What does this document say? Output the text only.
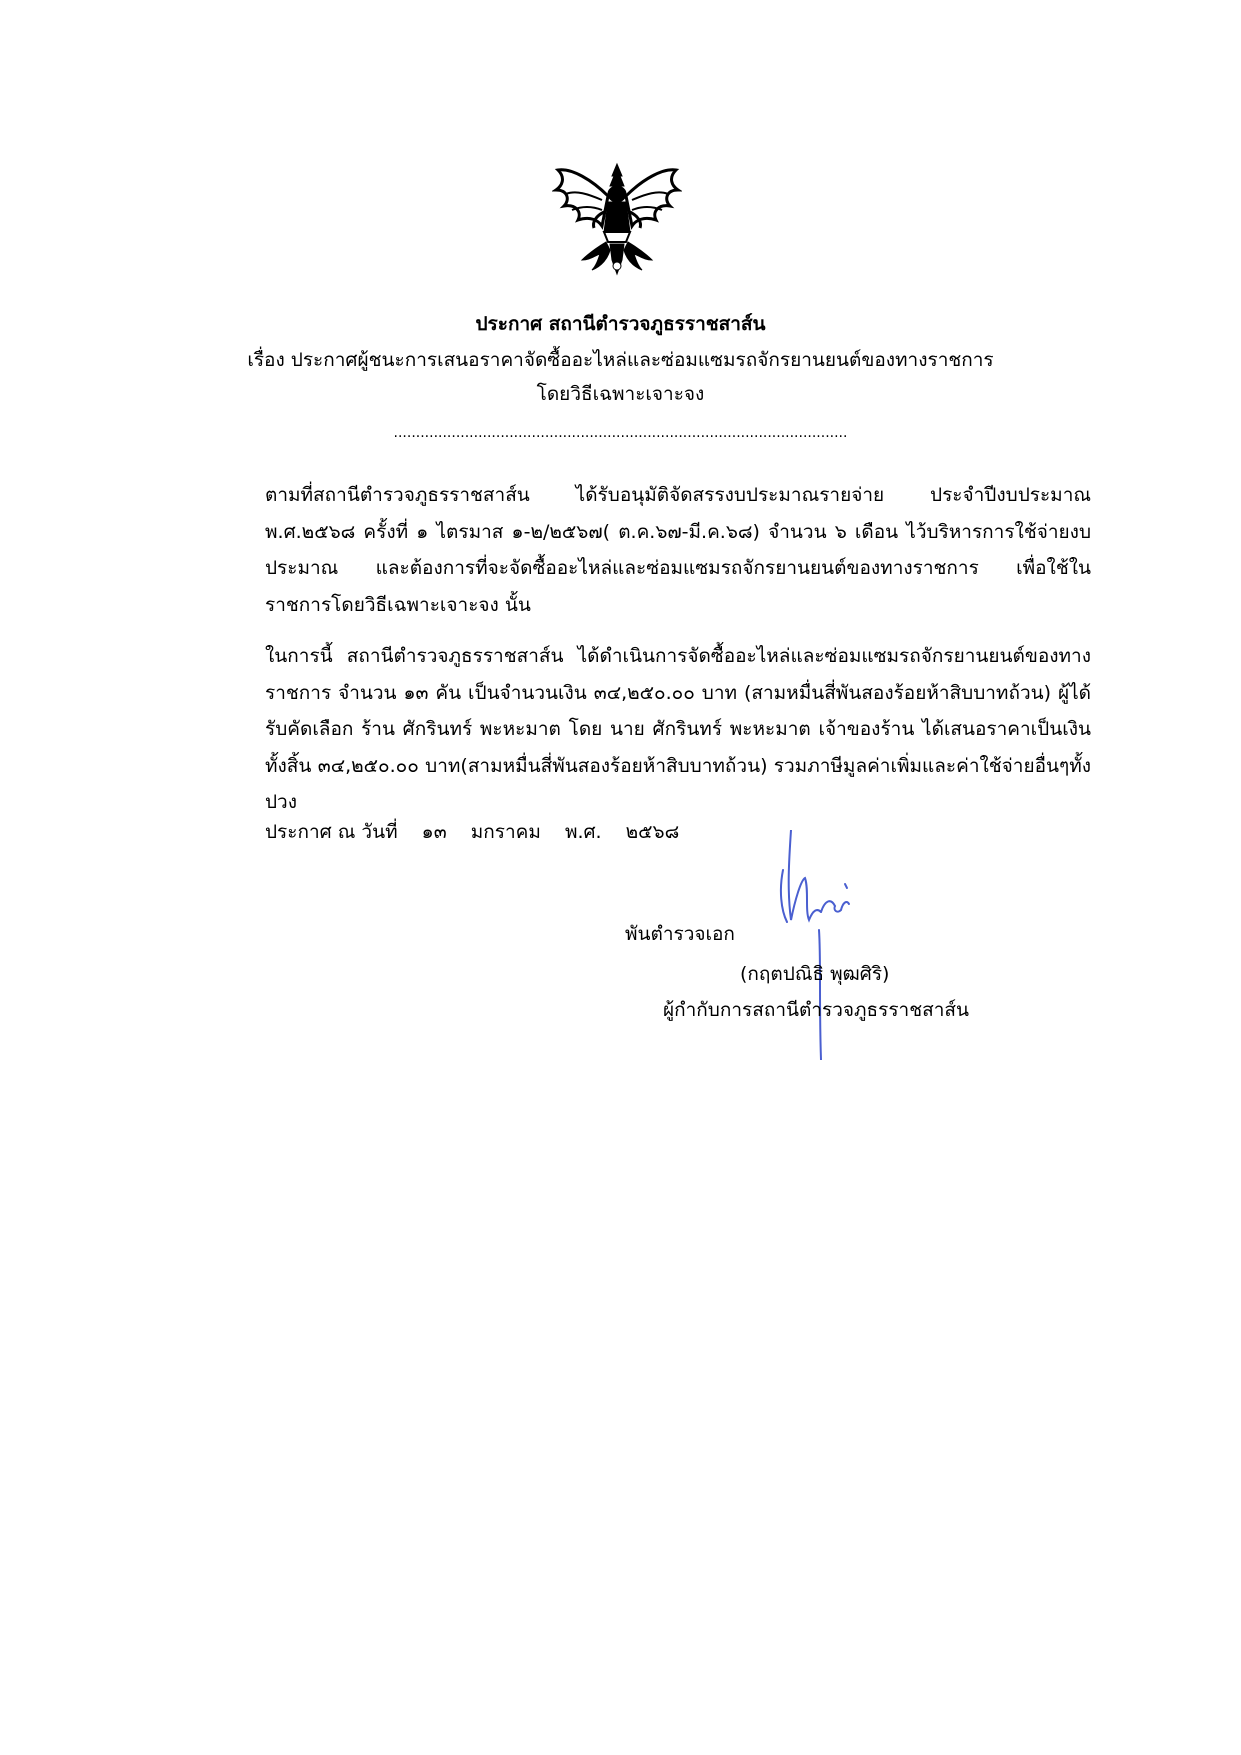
ประกาศ สถานีตำรวจภูธรราชสาส์น
เรื่อง ประกาศผู้ชนะการเสนอราคาจัดซื้ออะไหล่และซ่อมแซมรถจักรยานยนต์ของทางราชการ
โดยวิธีเฉพาะเจาะจง
......................................................................................................

ตามที่สถานีตำรวจภูธรราชสาส์น ได้รับอนุมัติจัดสรรงบประมาณรายจ่าย ประจำปีงบประมาณ พ.ศ.๒๕๖๘ ครั้งที่ ๑ ไตรมาส ๑-๒/๒๕๖๗( ต.ค.๖๗-มี.ค.๖๘) จำนวน ๖ เดือน ไว้บริหารการใช้จ่ายงบประมาณ และต้องการที่จะจัดซื้ออะไหล่และซ่อมแซมรถจักรยานยนต์ของทางราชการ เพื่อใช้ในราชการโดยวิธีเฉพาะเจาะจง นั้น

ในการนี้ สถานีตำรวจภูธรราชสาส์น ได้ดำเนินการจัดซื้ออะไหล่และซ่อมแซมรถจักรยานยนต์ของทางราชการ จำนวน ๑๓ คัน เป็นจำนวนเงิน ๓๔,๒๕๐.๐๐ บาท (สามหมื่นสี่พันสองร้อยห้าสิบบาทถ้วน) ผู้ได้รับคัดเลือก ร้าน ศักรินทร์ พะหะมาต โดย นาย ศักรินทร์ พะหะมาต เจ้าของร้าน ได้เสนอราคาเป็นเงินทั้งสิ้น ๓๔,๒๕๐.๐๐ บาท(สามหมื่นสี่พันสองร้อยห้าสิบบาทถ้วน) รวมภาษีมูลค่าเพิ่มและค่าใช้จ่ายอื่นๆทั้งปวง

ประกาศ ณ วันที่ ๑๓ มกราคม พ.ศ. ๒๕๖๘
พันตำรวจเอก
(กฤตปณิธิ พุฒศิริ)
ผู้กำกับการสถานีตำรวจภูธรราชสาส์น
